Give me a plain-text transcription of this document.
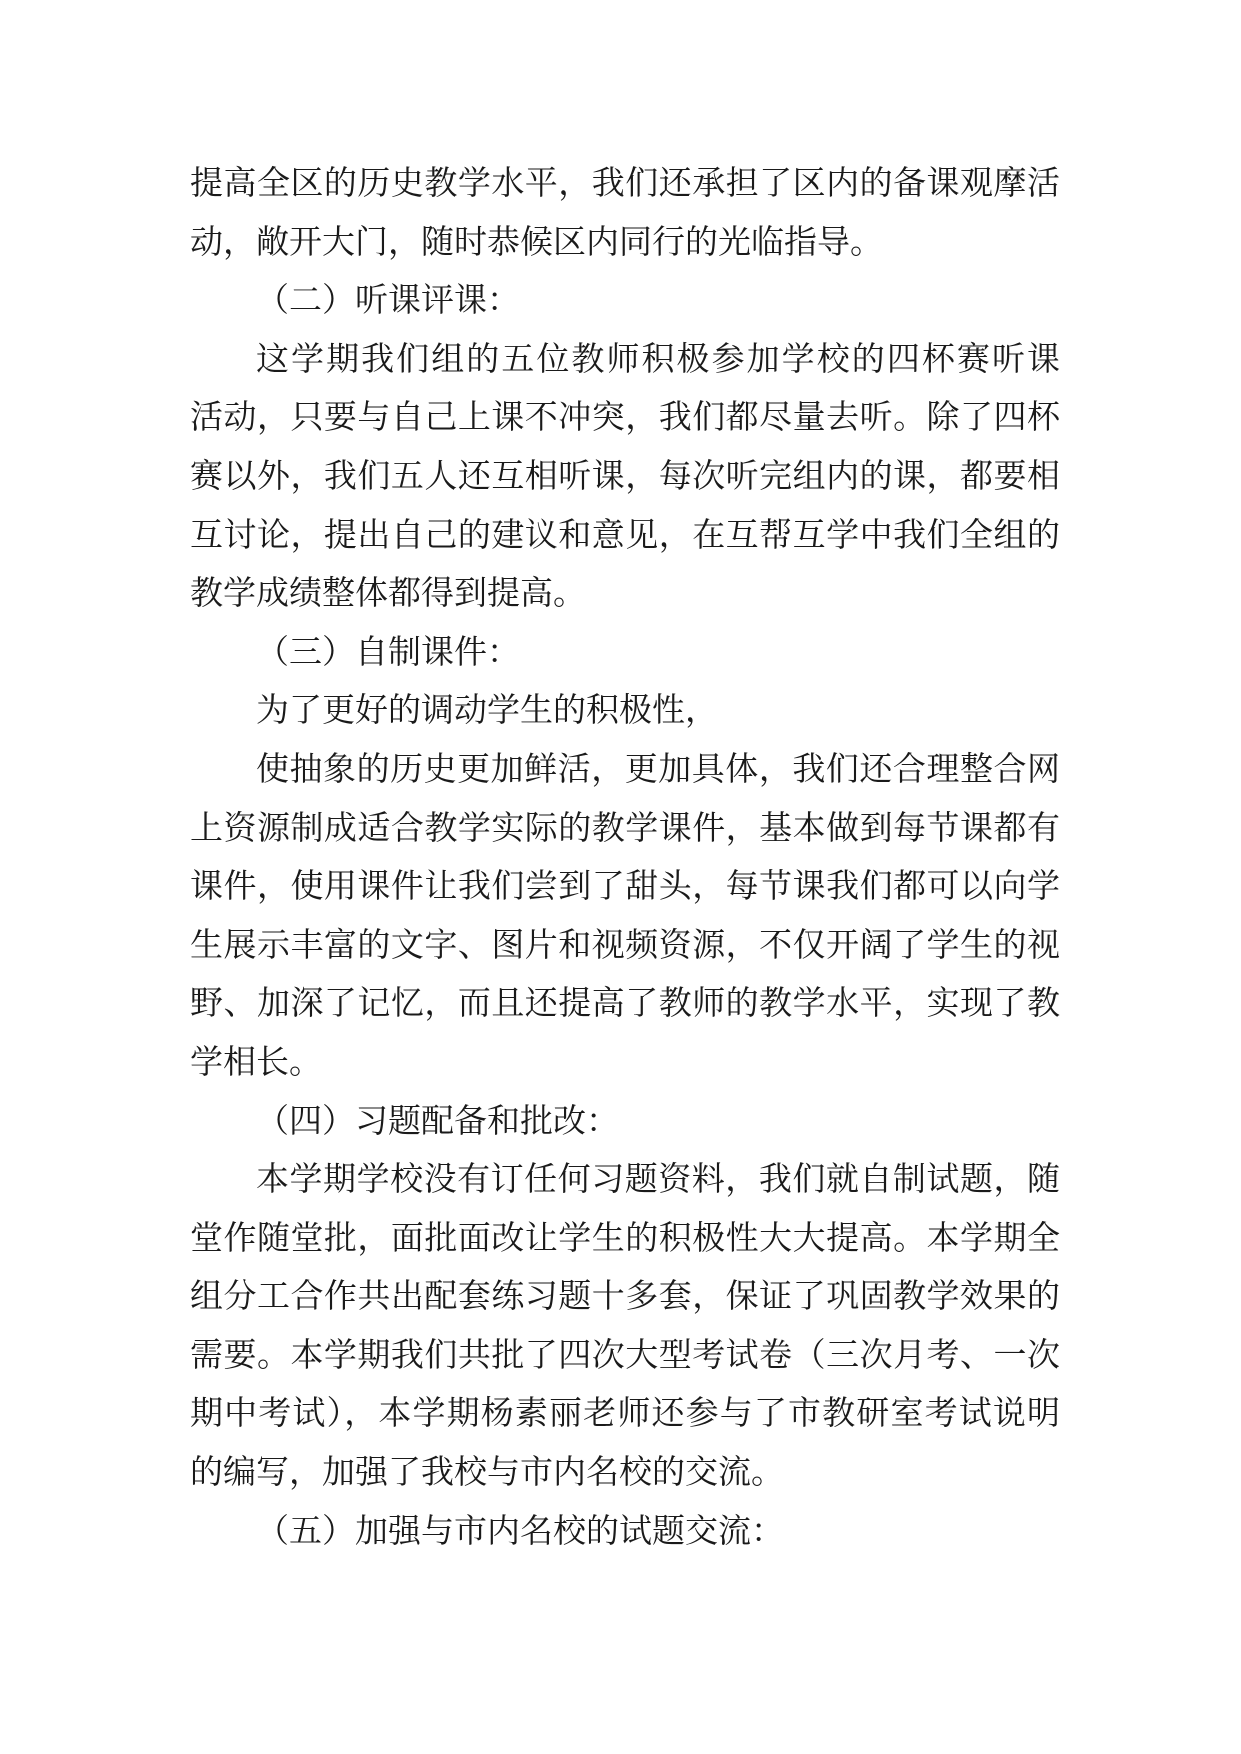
提高全区的历史教学水平，我们还承担了区内的备课观摩活
动，敞开大门，随时恭候区内同行的光临指导。
（二）听课评课：
这学期我们组的五位教师积极参加学校的四杯赛听课
活动，只要与自己上课不冲突，我们都尽量去听。除了四杯
赛以外，我们五人还互相听课，每次听完组内的课，都要相
互讨论，提出自己的建议和意见，在互帮互学中我们全组的
教学成绩整体都得到提高。
（三）自制课件：
为了更好的调动学生的积极性，
使抽象的历史更加鲜活，更加具体，我们还合理整合网
上资源制成适合教学实际的教学课件，基本做到每节课都有
课件，使用课件让我们尝到了甜头，每节课我们都可以向学
生展示丰富的文字、图片和视频资源，不仅开阔了学生的视
野、加深了记忆，而且还提高了教师的教学水平，实现了教
学相长。
（四）习题配备和批改：
本学期学校没有订任何习题资料，我们就自制试题，随
堂作随堂批，面批面改让学生的积极性大大提高。本学期全
组分工合作共出配套练习题十多套，保证了巩固教学效果的
需要。本学期我们共批了四次大型考试卷（三次月考、一次
期中考试），本学期杨素丽老师还参与了市教研室考试说明
的编写，加强了我校与市内名校的交流。
（五）加强与市内名校的试题交流：
